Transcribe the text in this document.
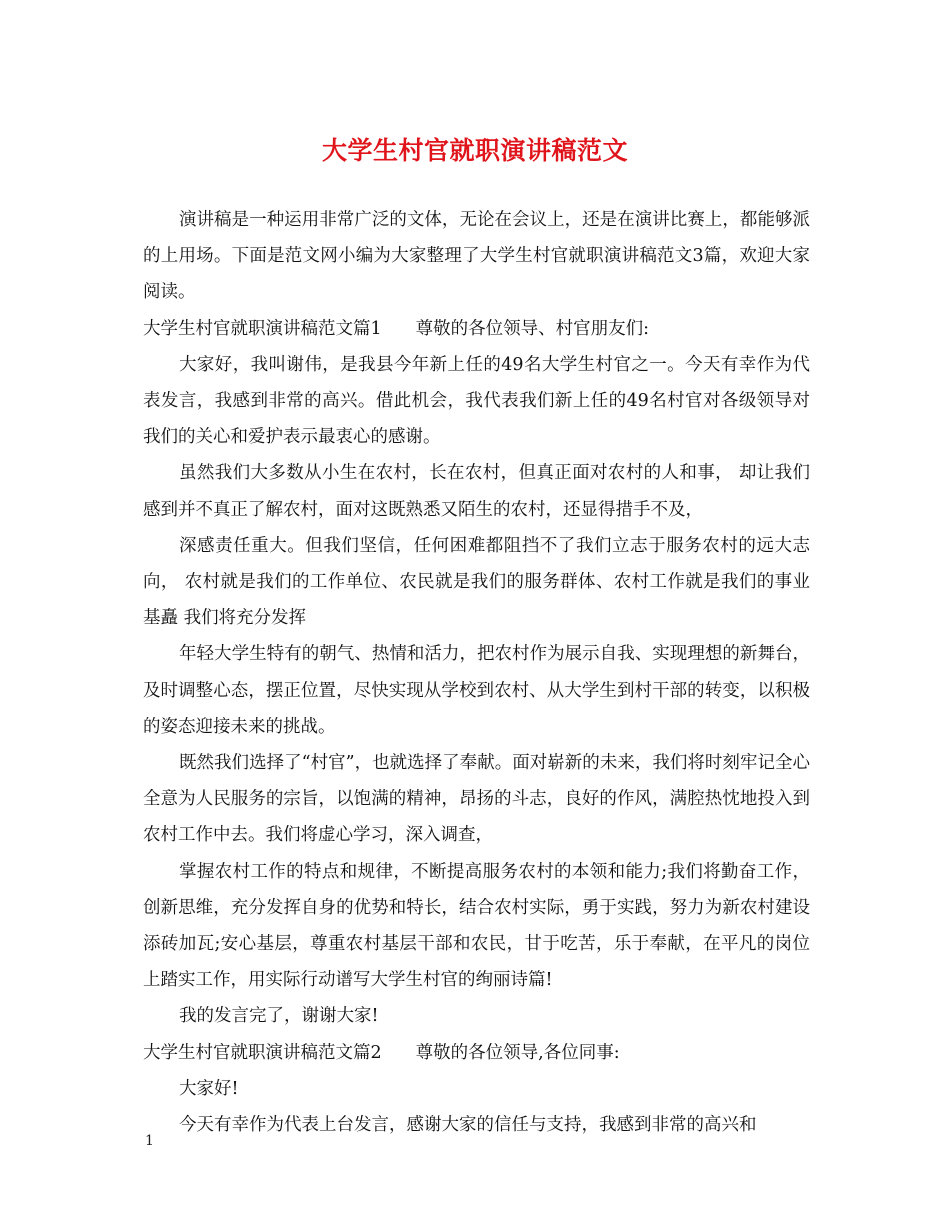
大学生村官就职演讲稿范文

演讲稿是一种运用非常广泛的文体，无论在会议上，还是在演讲比赛上，都能够派的上用场。下面是范文网小编为大家整理了大学生村官就职演讲稿范文3篇，欢迎大家阅读。

大学生村官就职演讲稿范文篇1 尊敬的各位领导、村官朋友们:

大家好，我叫谢伟，是我县今年新上任的49名大学生村官之一。今天有幸作为代表发言，我感到非常的高兴。借此机会，我代表我们新上任的49名村官对各级领导对我们的关心和爱护表示最衷心的感谢。

虽然我们大多数从小生在农村，长在农村，但真正面对农村的人和事， 却让我们感到并不真正了解农村，面对这既熟悉又陌生的农村，还显得措手不及，

深感责任重大。但我们坚信，任何困难都阻挡不了我们立志于服务农村的远大志向， 农村就是我们的工作单位、农民就是我们的服务群体、农村工作就是我们的事业基矗 我们将充分发挥

年轻大学生特有的朝气、热情和活力，把农村作为展示自我、实现理想的新舞台，及时调整心态，摆正位置，尽快实现从学校到农村、从大学生到村干部的转变，以积极的姿态迎接未来的挑战。

既然我们选择了“村官”，也就选择了奉献。面对崭新的未来，我们将时刻牢记全心全意为人民服务的宗旨，以饱满的精神，昂扬的斗志，良好的作风，满腔热忱地投入到农村工作中去。我们将虚心学习，深入调查，

掌握农村工作的特点和规律，不断提高服务农村的本领和能力;我们将勤奋工作，创新思维，充分发挥自身的优势和特长，结合农村实际，勇于实践，努力为新农村建设添砖加瓦;安心基层，尊重农村基层干部和农民，甘于吃苦，乐于奉献，在平凡的岗位上踏实工作，用实际行动谱写大学生村官的绚丽诗篇!

我的发言完了，谢谢大家!

大学生村官就职演讲稿范文篇2 尊敬的各位领导,各位同事:

大家好!

今天有幸作为代表上台发言，感谢大家的信任与支持，我感到非常的高兴和

1
